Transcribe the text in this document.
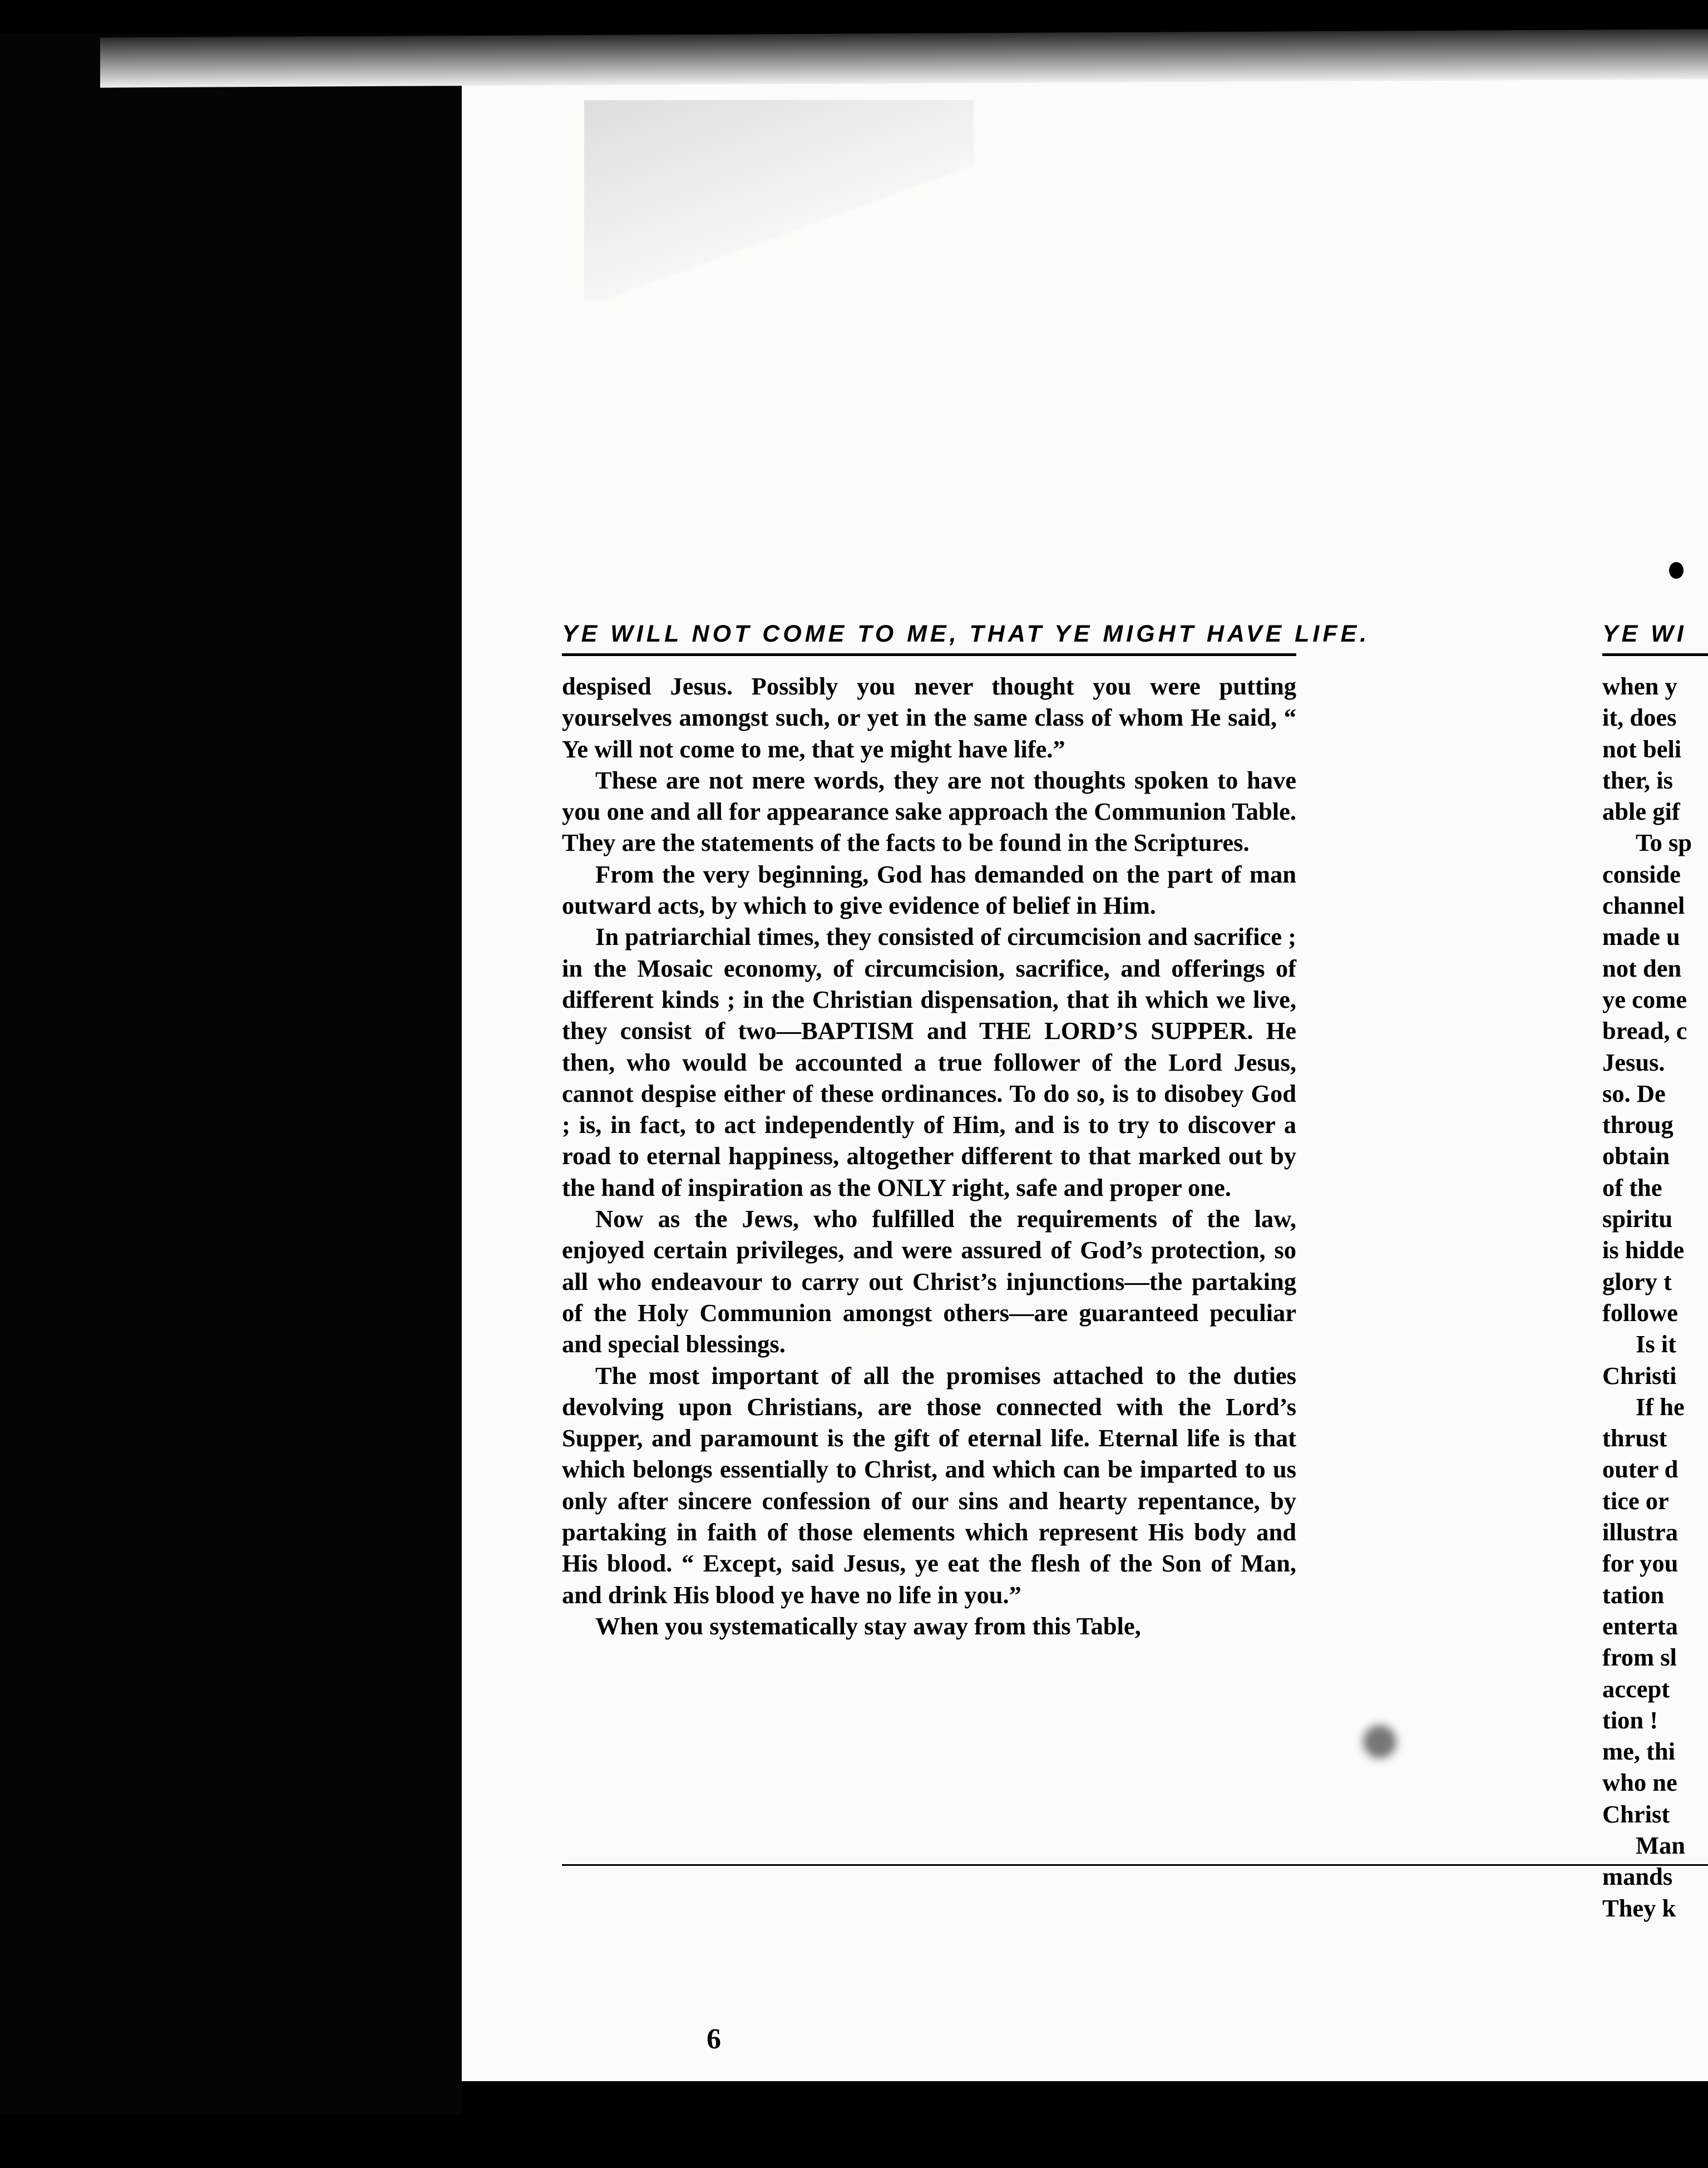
YE WILL NOT COME TO ME, THAT YE MIGHT HAVE LIFE.

despised Jesus. Possibly you never thought you were putting yourselves amongst such, or yet in the same class of whom He said, “ Ye will not come to me, that ye might have life.”

These are not mere words, they are not thoughts spoken to have you one and all for appearance sake approach the Communion Table. They are the statements of the facts to be found in the Scriptures.

From the very beginning, God has demanded on the part of man outward acts, by which to give evidence of belief in Him.

In patriarchial times, they consisted of circumcision and sacrifice ; in the Mosaic economy, of circumcision, sacrifice, and offerings of different kinds ; in the Christian dispensation, that ih which we live, they consist of two—BAPTISM and THE LORD’S SUPPER. He then, who would be accounted a true follower of the Lord Jesus, cannot despise either of these ordinances. To do so, is to disobey God ; is, in fact, to act independently of Him, and is to try to discover a road to eternal happiness, altogether different to that marked out by the hand of inspiration as the ONLY right, safe and proper one.

Now as the Jews, who fulfilled the requirements of the law, enjoyed certain privileges, and were assured of God’s protection, so all who endeavour to carry out Christ’s injunctions—the partaking of the Holy Communion amongst others—are guaranteed peculiar and special blessings.

The most important of all the promises attached to the duties devolving upon Christians, are those connected with the Lord’s Supper, and paramount is the gift of eternal life. Eternal life is that which belongs essentially to Christ, and which can be imparted to us only after sincere confession of our sins and hearty repentance, by partaking in faith of those elements which represent His body and His blood. “ Except, said Jesus, ye eat the flesh of the Son of Man, and drink His blood ye have no life in you.”

When you systematically stay away from this Table,

6
YE WI

when y

it, does

not beli

ther, is

able gif

To sp

conside

channel

made u

not den

ye come

bread, c

Jesus.

so. De

throug

obtain

of the

spiritu

is hidde

glory t

followe

Is it

Christi

If he

thrust

outer d

tice or

illustra

for you

tation

enterta

from sl

accept

tion !

me, thi

who ne

Christ

Man

mands

They k
